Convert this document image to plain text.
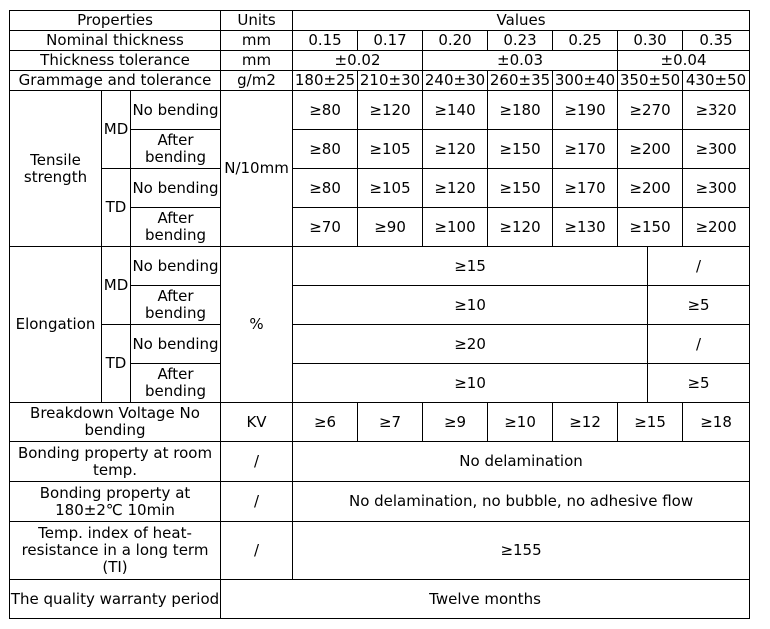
Properties			Units	Values							
Nominal thickness			mm	0.15	0.17	0.20	0.23	0.25	0.30		0.35
Thickness tolerance			mm	±0.02		±0.03			±0.04		
Grammage and tolerance			g/m2	180±25	210±30	240±30	260±35	300±40	350±50		430±50
Tensile strength	MD	No bending	N/10mm	≥80	≥120	≥140	≥180	≥190	≥270		≥320
		After bending		≥80	≥105	≥120	≥150	≥170	≥200		≥300
	TD	No bending		≥80	≥105	≥120	≥150	≥170	≥200		≥300
		After bending		≥70	≥90	≥100	≥120	≥130	≥150		≥200
Elongation	MD	No bending	%	≥15						/	
		After bending		≥10						≥5	
	TD	No bending		≥20						/	
		After bending		≥10						≥5	
Breakdown Voltage No bending			KV	≥6	≥7	≥9	≥10	≥12	≥15		≥18
Bonding property at room temp.			/	No delamination							
Bonding property at 180±2℃ 10min			/	No delamination, no bubble, no adhesive flow							
Temp. index of heat-resistance in a long term (TI)			/	≥155							
The quality warranty period			Twelve months								
